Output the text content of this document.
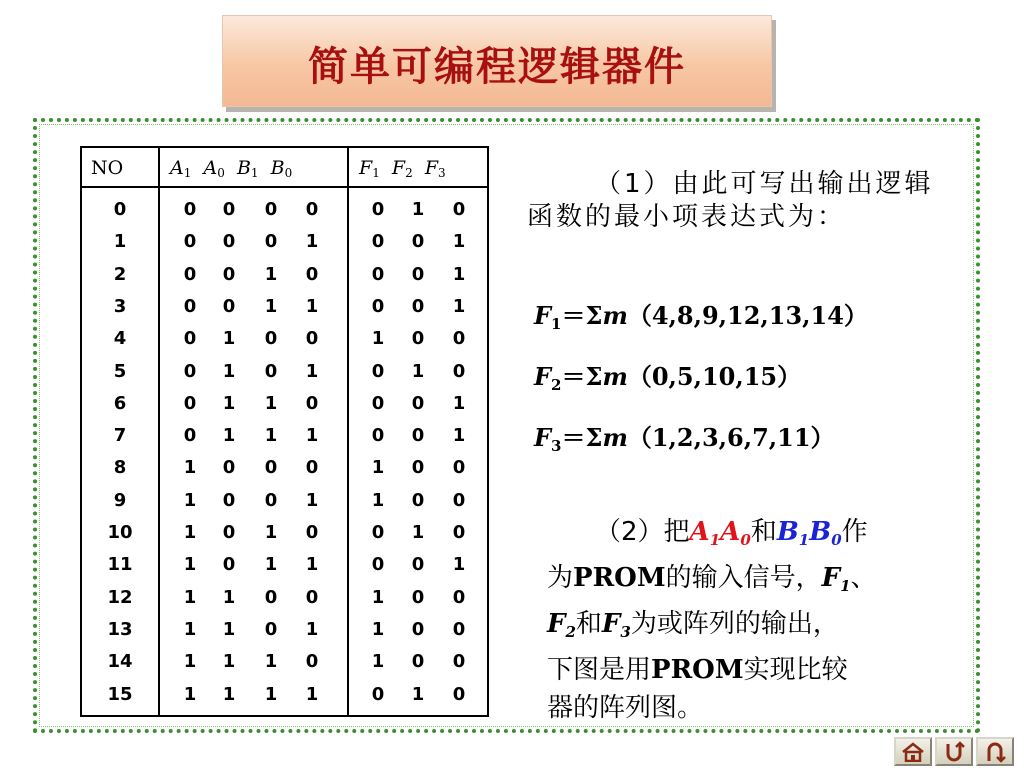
简单可编程逻辑器件
NO $A_1$ $A_0$ $B_1$ $B_0$	$F_1$ $F_2$ $F_3$
0	0	0	0	0	0	1	0
1	0	0	0	1	0	0	1
2	0	0	1	0	0	0	1
3	0	0	1	1	0	0	1
4	0	1	0	0	1	0	0
5	0	1	0	1	0	1	0
6	0	1	1	0	0	0	1
7	0	1	1	1	0	0	1
8	1	0	0	0	1	0	0
9	1	0	0	1	1	0	0
10	1	0	1	0	0	1	0
11	1	0	1	1	0	0	1
12	1	1	0	0	1	0	0
13	1	1	0	1	1	0	0
14	1	1	1	0	1	0	0
15	1	1	1	1	0	1	0
（1）由此可写出输出逻辑函数的最小项表达式为：
$F_1=\Sigma m(4,8,9,12,13,14)$
$F_2=\Sigma m(0,5,10,15)$
$F_3=\Sigma m(1,2,3,6,7,11)$
（2）把$A_1A_0$和$B_1B_0$作
为PROM的输入信号，$F_1$、
$F_2$和$F_3$为或阵列的输出，
下图是用PROM实现比较
器的阵列图。
